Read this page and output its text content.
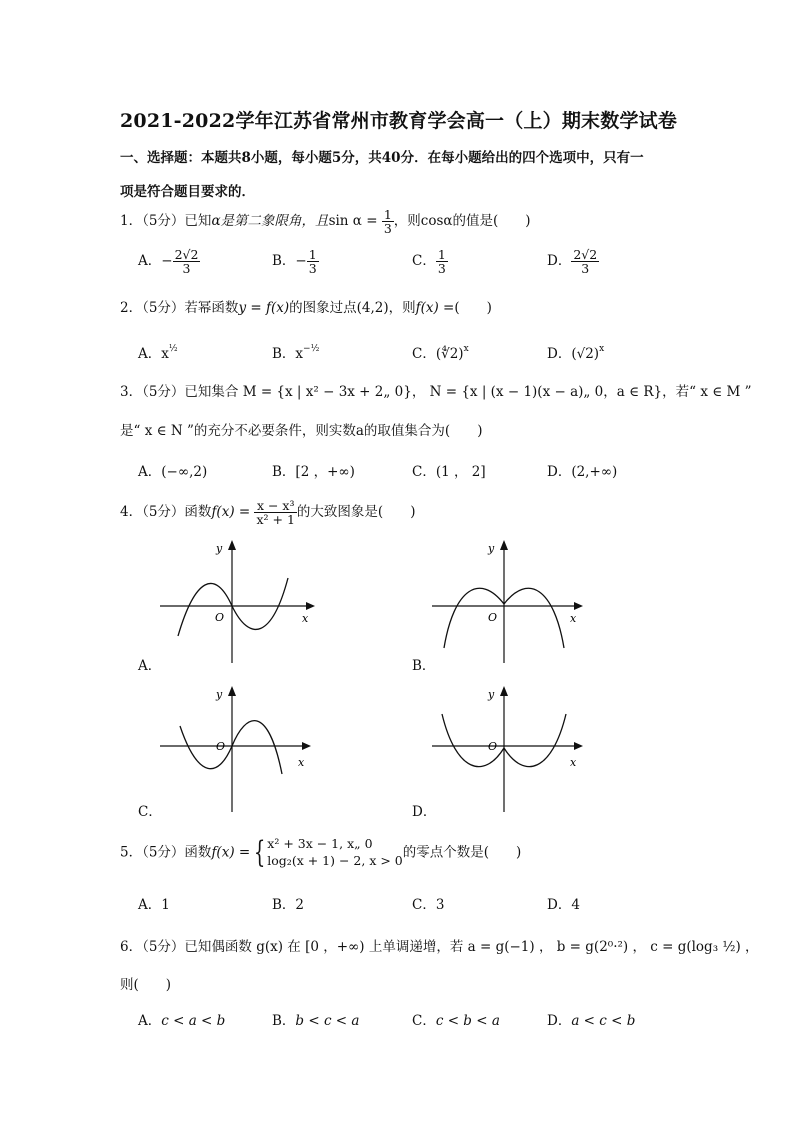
2021-2022学年江苏省常州市教育学会高一（上）期末数学试卷
一、选择题：本题共8小题，每小题5分，共40分．在每小题给出的四个选项中，只有一
项是符合题目要求的．
1．（5分）已知α是第二象限角，且$\sin \alpha = \frac{1}{3}$ ，则cosα的值是(　　)
A．− $\frac{2√2}{3}$	B．− $\frac{1}{3}$	C． $\frac{1}{3}$	D． $\frac{2√2}{3}$
2．（5分）若幂函数y = f(x)的图象过点(4,2)，则f(x) =(　　)
A．$x^{\frac{1}{2}}$	B．$x^{-\frac{1}{2}}$	C．(∜2)$^x$	D．$(√2)^x$
3．（5分）已知集合 M = {x | x² − 3x + 2„ 0}， N = {x | (x − 1)(x − a)„ 0，a ∈ R}，若“ x ∈ M ”
是“ x ∈ N ”的充分不必要条件，则实数a的取值集合为(　　)
A．(−∞,2)	B．[2 ，+∞)	C．(1 ， 2]	D．(2,+∞)
4．（5分）函数$f(x) = \frac{\text{x − x³}}{\text{x² + 1}}$ 的大致图象是(　　)
y
x
O
A．
y
x
O
B．
y
x
O
C．
y
x
O
D．
5．（5分）函数f(x) = { x² + 3x − 1, x„ 0
log₂(x + 1) − 2, x > 0 的零点个数是(　　)
A．1	B．2	C．3	D．4
6．（5分）已知偶函数 g(x) 在 [0 ，+∞) 上单调递增，若 a = g(−1) ， b = g(2⁰·²) ， c = g(log₃ ½) ，
则(　　)
A．c < a < b	B．b < c < a	C．c < b < a	D．a < c < b
